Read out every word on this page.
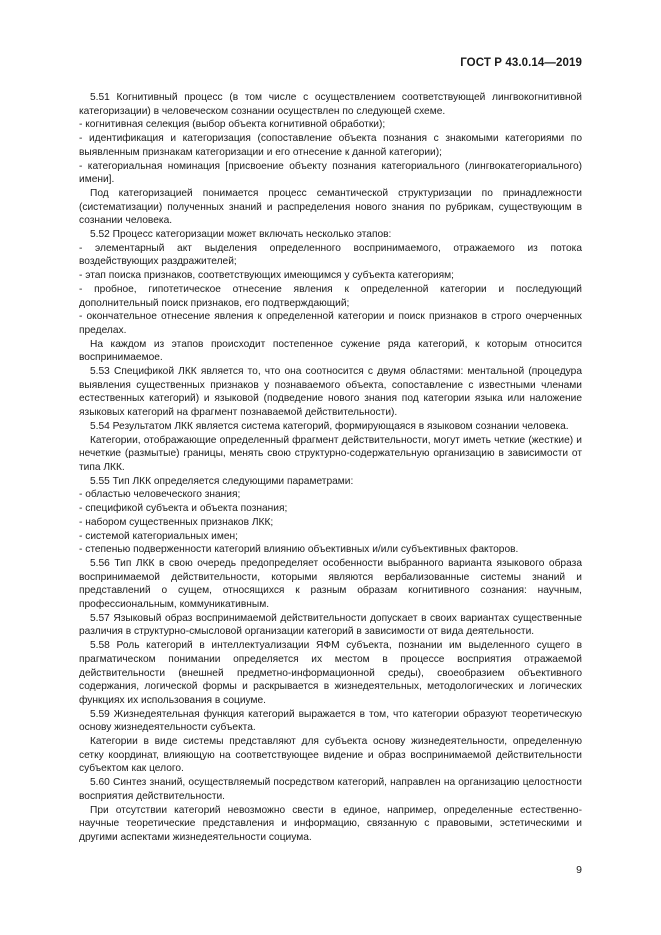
ГОСТ Р 43.0.14—2019

5.51 Когнитивный процесс (в том числе с осуществлением соответствующей лингвокогнитивной категоризации) в человеческом сознании осуществлен по следующей схеме.

- когнитивная селекция (выбор объекта когнитивной обработки);

- идентификация и категоризация (сопоставление объекта познания с знакомыми категориями по выявленным признакам категоризации и его отнесение к данной категории);

- категориальная номинация [присвоение объекту познания категориального (лингвокатегориального) имени].

Под категоризацией понимается процесс семантической структуризации по принадлежности (систематизации) полученных знаний и распределения нового знания по рубрикам, существующим в сознании человека.

5.52 Процесс категоризации может включать несколько этапов:

- элементарный акт выделения определенного воспринимаемого, отражаемого из потока воздействующих раздражителей;

- этап поиска признаков, соответствующих имеющимся у субъекта категориям;

- пробное, гипотетическое отнесение явления к определенной категории и последующий дополнительный поиск признаков, его подтверждающий;

- окончательное отнесение явления к определенной категории и поиск признаков в строго очерченных пределах.

На каждом из этапов происходит постепенное сужение ряда категорий, к которым относится воспринимаемое.

5.53 Спецификой ЛКК является то, что она соотносится с двумя областями: ментальной (процедура выявления существенных признаков у познаваемого объекта, сопоставление с известными членами естественных категорий) и языковой (подведение нового знания под категории языка или наложение языковых категорий на фрагмент познаваемой действительности).

5.54 Результатом ЛКК является система категорий, формирующаяся в языковом сознании человека.

Категории, отображающие определенный фрагмент действительности, могут иметь четкие (жесткие) и нечеткие (размытые) границы, менять свою структурно-содержательную организацию в зависимости от типа ЛКК.

5.55 Тип ЛКК определяется следующими параметрами:

- областью человеческого знания;

- спецификой субъекта и объекта познания;

- набором существенных признаков ЛКК;

- системой категориальных имен;

- степенью подверженности категорий влиянию объективных и/или субъективных факторов.

5.56 Тип ЛКК в свою очередь предопределяет особенности выбранного варианта языкового образа воспринимаемой действительности, которыми являются вербализованные системы знаний и представлений о сущем, относящихся к разным образам когнитивного сознания: научным, профессиональным, коммуникативным.

5.57 Языковый образ воспринимаемой действительности допускает в своих вариантах существенные различия в структурно-смысловой организации категорий в зависимости от вида деятельности.

5.58 Роль категорий в интеллектуализации ЯФМ субъекта, познании им выделенного сущего в прагматическом понимании определяется их местом в процессе восприятия отражаемой действительности (внешней предметно-информационной среды), своеобразием объективного содержания, логической формы и раскрывается в жизнедеятельных, методологических и логических функциях их использования в социуме.

5.59 Жизнедеятельная функция категорий выражается в том, что категории образуют теоретическую основу жизнедеятельности субъекта.

Категории в виде системы представляют для субъекта основу жизнедеятельности, определенную сетку координат, влияющую на соответствующее видение и образ воспринимаемой действительности субъектом как целого.

5.60 Синтез знаний, осуществляемый посредством категорий, направлен на организацию целостности восприятия действительности.

При отсутствии категорий невозможно свести в единое, например, определенные естественно-научные теоретические представления и информацию, связанную с правовыми, эстетическими и другими аспектами жизнедеятельности социума.

9
